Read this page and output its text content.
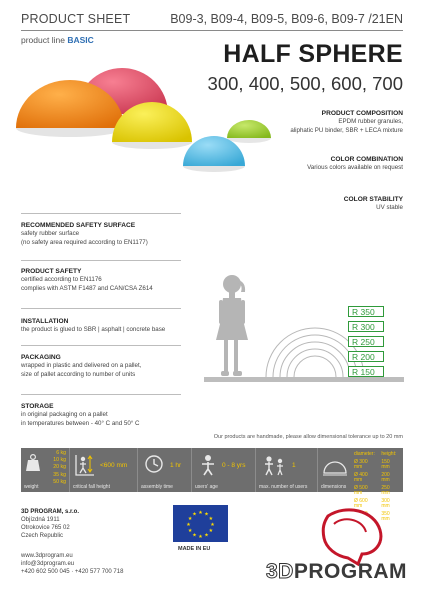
PRODUCT SHEET	B09-3, B09-4, B09-5, B09-6, B09-7 /21EN
product line BASIC	HALF SPHERE
300, 400, 500, 600, 700
PRODUCT COMPOSITION
EPDM rubber granules,
aliphatic PU binder, SBR + LECA mixture
COLOR COMBINATION
Various colors available on request
COLOR STABILITY
UV stable
RECOMMENDED SAFETY SURFACE
safety rubber surface
(no safety area required according to EN1177)
PRODUCT SAFETY
certified according to EN1176
complies with ASTM F1487 and CAN/CSA Z614
INSTALLATION
the product is glued to SBR | asphalt | concrete base
PACKAGING
wrapped in plastic and delivered on a pallet,
size of pallet according to number of units
STORAGE
in original packaging on a pallet
in temperatures between - 40° C and 50° C
R 350
R 300
R 250
R 200
R 150
Our products are handmade, please allow dimensional tolerance up to 20 mm
6 kg
10 kg
20 kg
35 kg
50 kg
weight
<600 mm
critical fall height
1 hr
assembly time
0 - 8 yrs
users' age
1
max. number of users
diameter:	height:
Ø 300 mm	150 mm
Ø 400 mm	200 mm
Ø 500 mm	250 mm
Ø 600 mm	300 mm
	350 mm
dimensions
3D PROGRAM, s.r.o.
Objízdná 1911
Otrokovice 765 02
Czech Republic
www.3dprogram.eu
info@3dprogram.eu
+420 602 500 045 · +420 577 700 718
★ ★
★
★
★
★
★
★
★
★
★
★
MADE IN EU
3DPROGRAM
